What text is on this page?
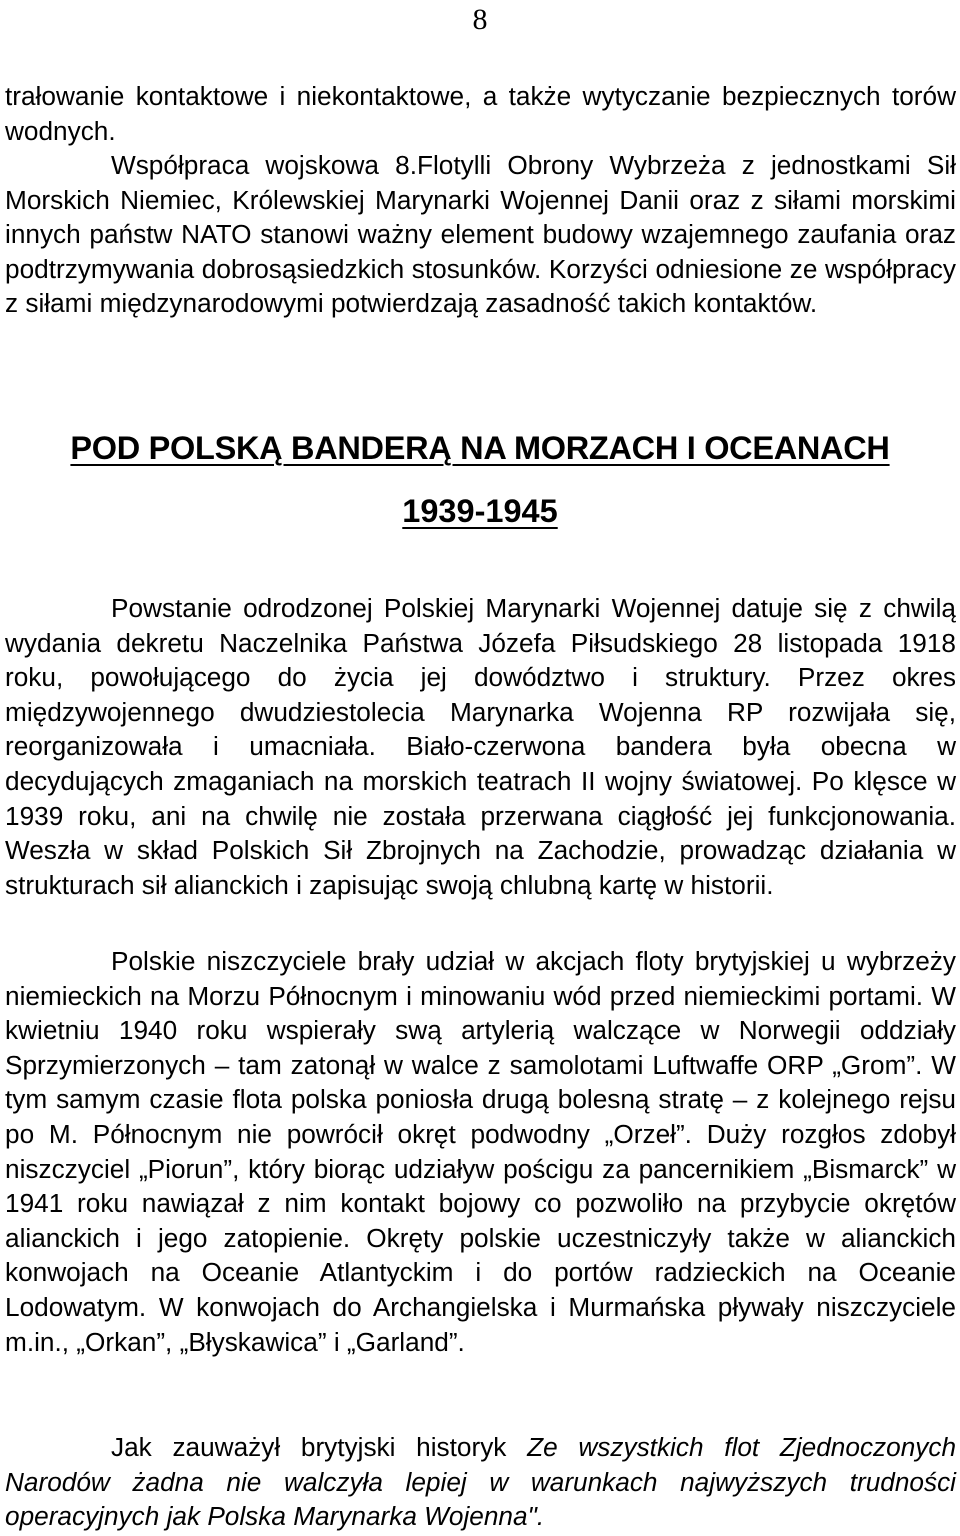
8

trałowanie kontaktowe i niekontaktowe, a także wytyczanie bezpiecznych torów wodnych.

Współpraca wojskowa 8.Flotylli Obrony Wybrzeża z jednostkami Sił Morskich Niemiec, Królewskiej Marynarki Wojennej Danii oraz z siłami morskimi innych państw NATO stanowi ważny element budowy wzajemnego zaufania oraz podtrzymywania dobrosąsiedzkich stosunków. Korzyści odniesione ze współpracy z siłami międzynarodowymi potwierdzają zasadność takich kontaktów.

POD POLSKĄ BANDERĄ NA MORZACH I OCEANACH
1939-1945

Powstanie odrodzonej Polskiej Marynarki Wojennej datuje się z chwilą wydania dekretu Naczelnika Państwa Józefa Piłsudskiego 28 listopada 1918 roku, powołującego do życia jej dowództwo i struktury. Przez okres międzywojennego dwudziestolecia Marynarka Wojenna RP rozwijała się, reorganizowała i umacniała. Biało-czerwona bandera była obecna w decydujących zmaganiach na morskich teatrach II wojny światowej. Po klęsce w 1939 roku, ani na chwilę nie została przerwana ciągłość jej funkcjonowania. Weszła w skład Polskich Sił Zbrojnych na Zachodzie, prowadząc działania w strukturach sił alianckich i zapisując swoją chlubną kartę w historii.

Polskie niszczyciele brały udział w akcjach floty brytyjskiej u wybrzeży niemieckich na Morzu Północnym i minowaniu wód przed niemieckimi portami. W kwietniu 1940 roku wspierały swą artylerią walczące w Norwegii oddziały Sprzymierzonych – tam zatonął w walce z samolotami Luftwaffe ORP „Grom”. W tym samym czasie flota polska poniosła drugą bolesną stratę – z kolejnego rejsu po M. Północnym nie powrócił okręt podwodny „Orzeł”. Duży rozgłos zdobył niszczyciel „Piorun”, który biorąc udziaływ pościgu za pancernikiem „Bismarck” w 1941 roku nawiązał z nim kontakt bojowy co pozwoliło na przybycie okrętów alianckich i jego zatopienie. Okręty polskie uczestniczyły także w alianckich konwojach na Oceanie Atlantyckim i do portów radzieckich na Oceanie Lodowatym. W konwojach do Archangielska i Murmańska pływały niszczyciele m.in., „Orkan”, „Błyskawica” i „Garland”.

Jak zauważył brytyjski historyk Ze wszystkich flot Zjednoczonych Narodów żadna nie walczyła lepiej w warunkach najwyższych trudności operacyjnych jak Polska Marynarka Wojenna".
